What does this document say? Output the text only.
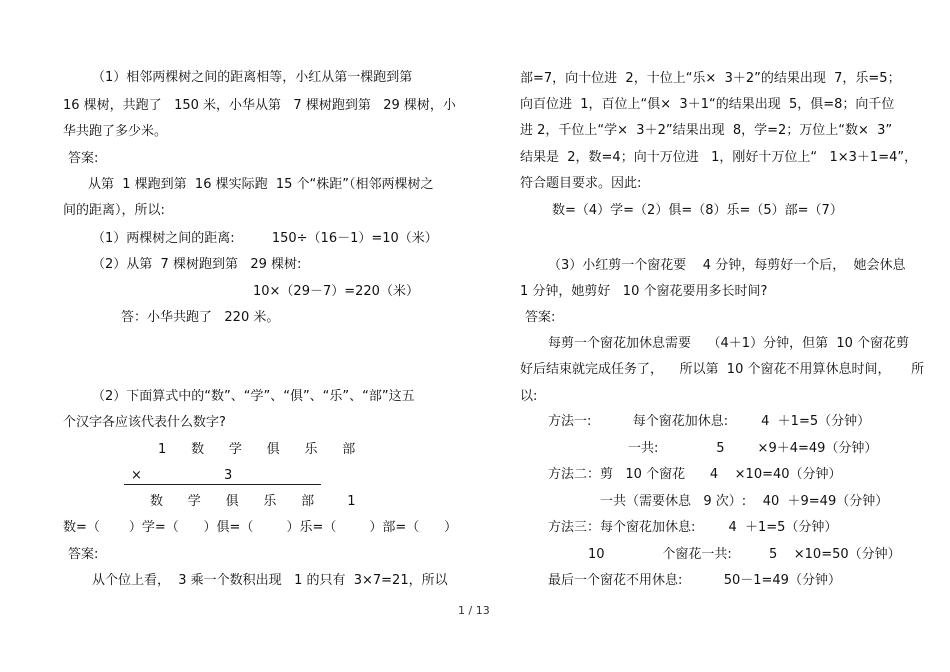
（1）相邻两棵树之间的距离相等，小红从第一棵跑到第
16 棵树，共跑了   150 米，小华从第   7 棵树跑到第   29 棵树，小
华共跑了多少米。
答案:
从第  1 棵跑到第  16 棵实际跑  15 个“株距”（相邻两棵树之
间的距离），所以:
（1）两棵树之间的距离:         150÷（16－1）=10（米）
（2）从第  7 棵树跑到第   29 棵树:
10×（29－7）=220（米）
答：小华共跑了   220 米。
（2）下面算式中的“数”、“学”、“俱”、“乐”、“部”这五
个汉字各应该代表什么数字?
1      数      学      俱      乐      部
×	3
数      学      俱      乐      部        1
数=（       ）学=（      ）俱=（        ）乐=（        ）部=（      ）
答案:
从个位上看，  3 乘一个数积出现   1 的只有  3×7=21，所以
部=7，向十位进  2，十位上“乐×  3＋2”的结果出现  7，乐=5；
向百位进  1，百位上“俱×  3＋1“的结果出现  5，俱=8；向千位
进 2，千位上“学×  3＋2”结果出现  8，学=2；万位上“数×  3”
结果是  2，数=4；向十万位进   1，刚好十万位上“   1×3＋1=4”，
符合题目要求。因此:
数=（4）学=（2）俱=（8）乐=（5）部=（7）
（3）小红剪一个窗花要    4 分钟，每剪好一个后，  她会休息
1 分钟，她剪好   10 个窗花要用多长时间?
答案:
每剪一个窗花加休息需要    （4＋1）分钟，但第  10 个窗花剪
好后结束就完成任务了，    所以第  10 个窗花不用算休息时间，     所
以:
方法一:          每个窗花加休息:        4  ＋1=5（分钟）
一共:              5        ×9＋4=49（分钟）
方法二：剪   10 个窗花      4    ×10=40（分钟）
一共（需要休息   9 次）:    40  ＋9=49（分钟）
方法三：每个窗花加休息:        4  ＋1=5（分钟）
10              个窗花一共:         5    ×10=50（分钟）
最后一个窗花不用休息:          50－1=49（分钟）
1 / 13
